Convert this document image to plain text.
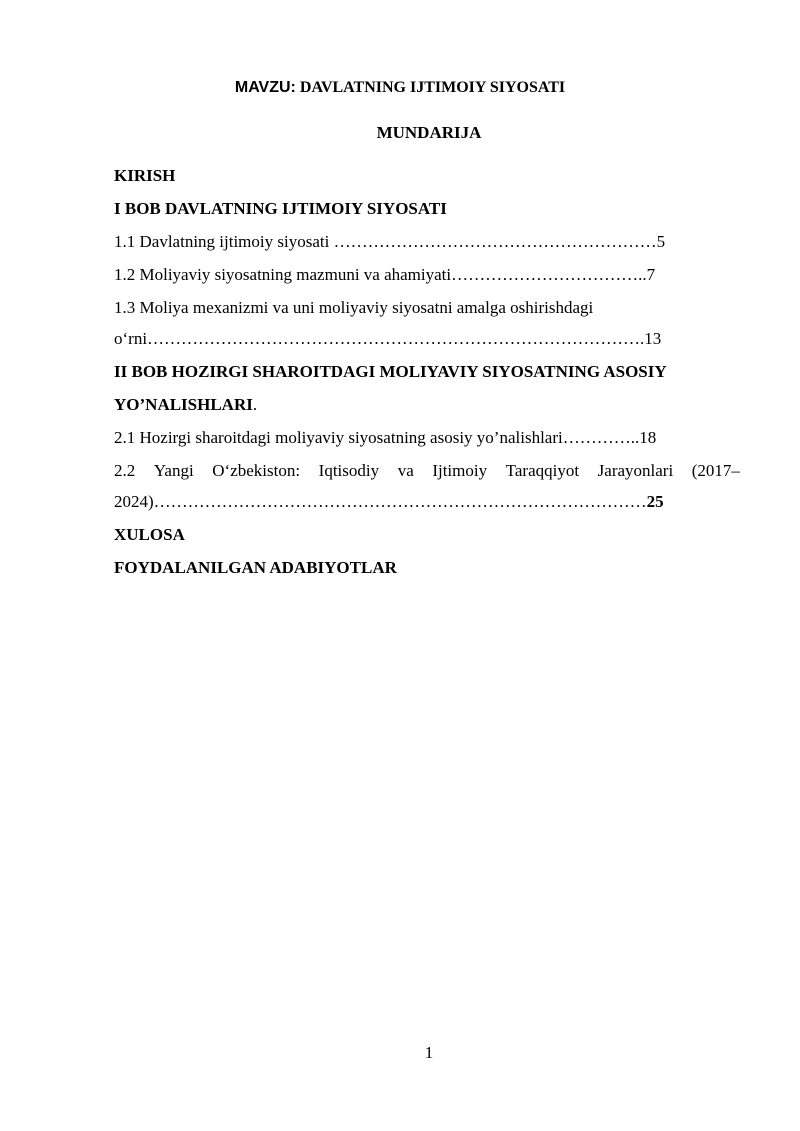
MAVZU: DAVLATNING IJTIMOIY SIYOSATI
MUNDARIJA
KIRISH
I BOB DAVLATNING IJTIMOIY SIYOSATI
1.1 Davlatning ijtimoiy siyosati …………………………………………………5
1.2 Moliyaviy siyosatning mazmuni va ahamiyati……………………………..7
1.3 Moliya mexanizmi va uni moliyaviy siyosatni amalga oshirishdagi
o‘rni…………………………………………………………………………….13
II BOB HOZIRGI SHAROITDAGI MOLIYAVIY SIYOSATNING ASOSIY
YO’NALISHLARI.
2.1 Hozirgi sharoitdagi moliyaviy siyosatning asosiy yo’nalishlari…………..18
2.2 Yangi O‘zbekiston: Iqtisodiy va Ijtimoiy Taraqqiyot Jarayonlari (2017–
2024)……………………………………………………………………………25
XULOSA
FOYDALANILGAN ADABIYOTLAR
1
